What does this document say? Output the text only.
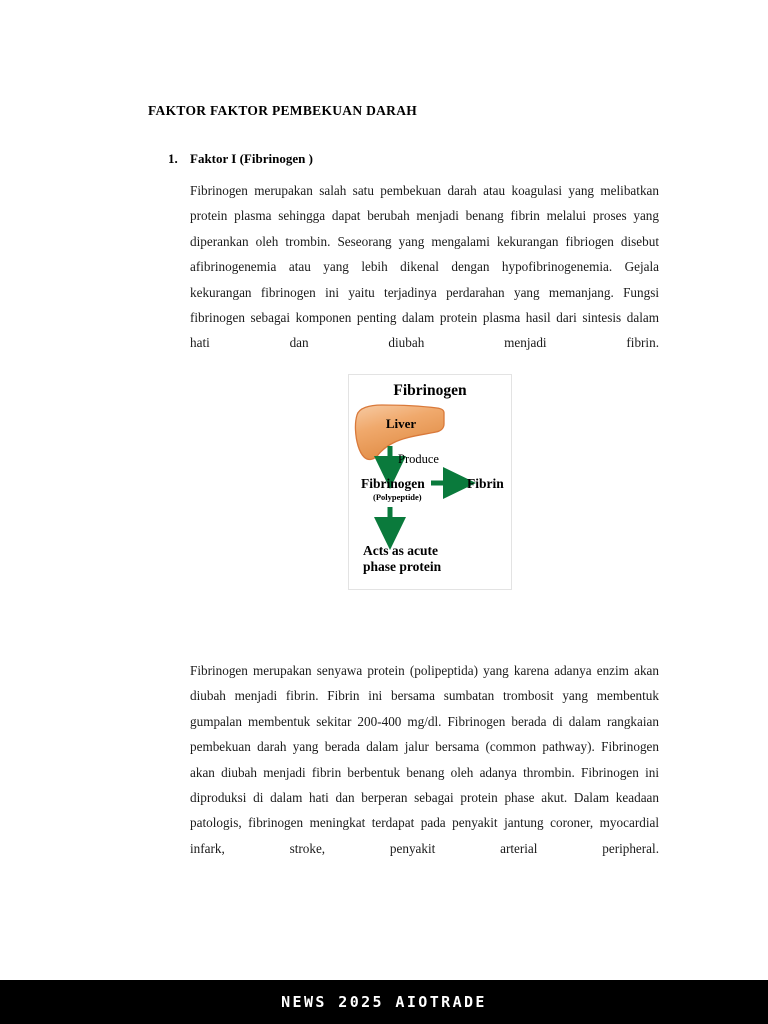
FAKTOR FAKTOR PEMBEKUAN DARAH
1. Faktor I (Fibrinogen )
Fibrinogen merupakan salah satu pembekuan darah atau koagulasi yang melibatkan protein plasma sehingga dapat berubah menjadi benang fibrin melalui proses yang diperankan oleh trombin. Seseorang yang mengalami kekurangan fibriogen disebut afibrinogenemia atau yang lebih dikenal dengan hypofibrinogenemia. Gejala kekurangan fibrinogen ini yaitu terjadinya perdarahan yang memanjang. Fungsi fibrinogen sebagai komponen penting dalam protein plasma hasil dari sintesis dalam hati dan diubah menjadi fibrin.
Fibrinogen
Liver
Produce
Fibrinogen
(Polypeptide)
Fibrin
Acts as acute
phase protein
Fibrinogen merupakan senyawa protein (polipeptida) yang karena adanya enzim akan diubah menjadi fibrin. Fibrin ini bersama sumbatan trombosit yang membentuk gumpalan membentuk sekitar 200-400 mg/dl. Fibrinogen berada di dalam rangkaian pembekuan darah yang berada dalam jalur bersama (common pathway). Fibrinogen akan diubah menjadi fibrin berbentuk benang oleh adanya thrombin. Fibrinogen ini diproduksi di dalam hati dan berperan sebagai protein phase akut. Dalam keadaan patologis, fibrinogen meningkat terdapat pada penyakit jantung coroner, myocardial infark, stroke, penyakit arterial peripheral.
NEWS 2025 AIOTRADE
